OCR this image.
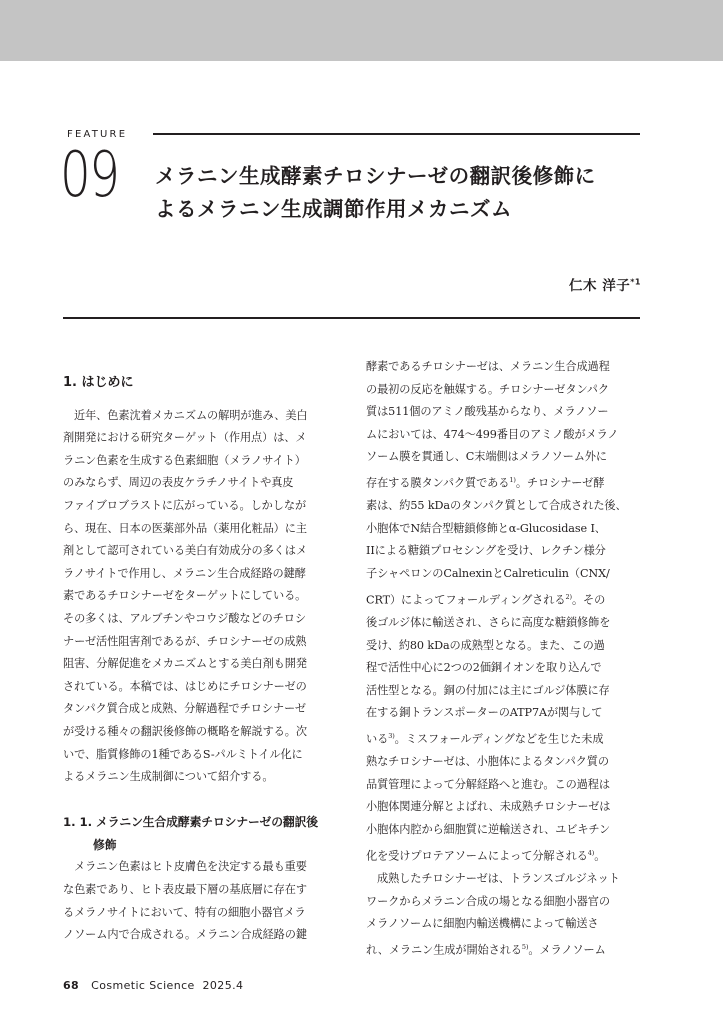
FEATURE
09 メラニン生成酵素チロシナーゼの翻訳後修飾に
よるメラニン生成調節作用メカニズム
仁木 洋子$^{*1}$
1. はじめに
近年、色素沈着メカニズムの解明が進み、美白
剤開発における研究ターゲット（作用点）は、メ
ラニン色素を生成する色素細胞（メラノサイト）
のみならず、周辺の表皮ケラチノサイトや真皮
ファイブロブラストに広がっている。しかしなが
ら、現在、日本の医薬部外品（薬用化粧品）に主
剤として認可されている美白有効成分の多くはメ
ラノサイトで作用し、メラニン生合成経路の鍵酵
素であるチロシナーゼをターゲットにしている。
その多くは、アルブチンやコウジ酸などのチロシ
ナーゼ活性阻害剤であるが、チロシナーゼの成熟
阻害、分解促進をメカニズムとする美白剤も開発
されている。本稿では、はじめにチロシナーゼの
タンパク質合成と成熟、分解過程でチロシナーゼ
が受ける種々の翻訳後修飾の概略を解説する。次
いで、脂質修飾の1種であるS-パルミトイル化に
よるメラニン生成制御について紹介する。
1. 1. メラニン生合成酵素チロシナーゼの翻訳後
修飾
メラニン色素はヒト皮膚色を決定する最も重要
な色素であり、ヒト表皮最下層の基底層に存在す
るメラノサイトにおいて、特有の細胞小器官メラ
ノソーム内で合成される。メラニン合成経路の鍵
酵素であるチロシナーゼは、メラニン生合成過程
の最初の反応を触媒する。チロシナーゼタンパク
質は511個のアミノ酸残基からなり、メラノソー
ムにおいては、474～499番目のアミノ酸がメラノ
ソーム膜を貫通し、C末端側はメラノソーム外に
存在する膜タンパク質である$^{1)}$。チロシナーゼ酵
素は、約55 kDaのタンパク質として合成された後、
小胞体でN結合型糖鎖修飾とα-Glucosidase I、
IIによる糖鎖プロセシングを受け、レクチン様分
子シャペロンのCalnexinとCalreticulin（CNX/
CRT）によってフォールディングされる$^{2)}$。その
後ゴルジ体に輸送され、さらに高度な糖鎖修飾を
受け、約80 kDaの成熟型となる。また、この過
程で活性中心に2つの2価銅イオンを取り込んで
活性型となる。銅の付加には主にゴルジ体膜に存
在する銅トランスポーターのATP7Aが関与して
いる$^{3)}$。ミスフォールディングなどを生じた未成
熟なチロシナーゼは、小胞体によるタンパク質の
品質管理によって分解経路へと進む。この過程は
小胞体関連分解とよばれ、未成熟チロシナーゼは
小胞体内腔から細胞質に逆輸送され、ユビキチン
化を受けプロテアソームによって分解される$^{4)}$。
成熟したチロシナーゼは、トランスゴルジネット
ワークからメラニン合成の場となる細胞小器官の
メラノソームに細胞内輸送機構によって輸送さ
れ、メラニン生成が開始される$^{5)}$。メラノソーム
68 Cosmetic Science 2025.4
